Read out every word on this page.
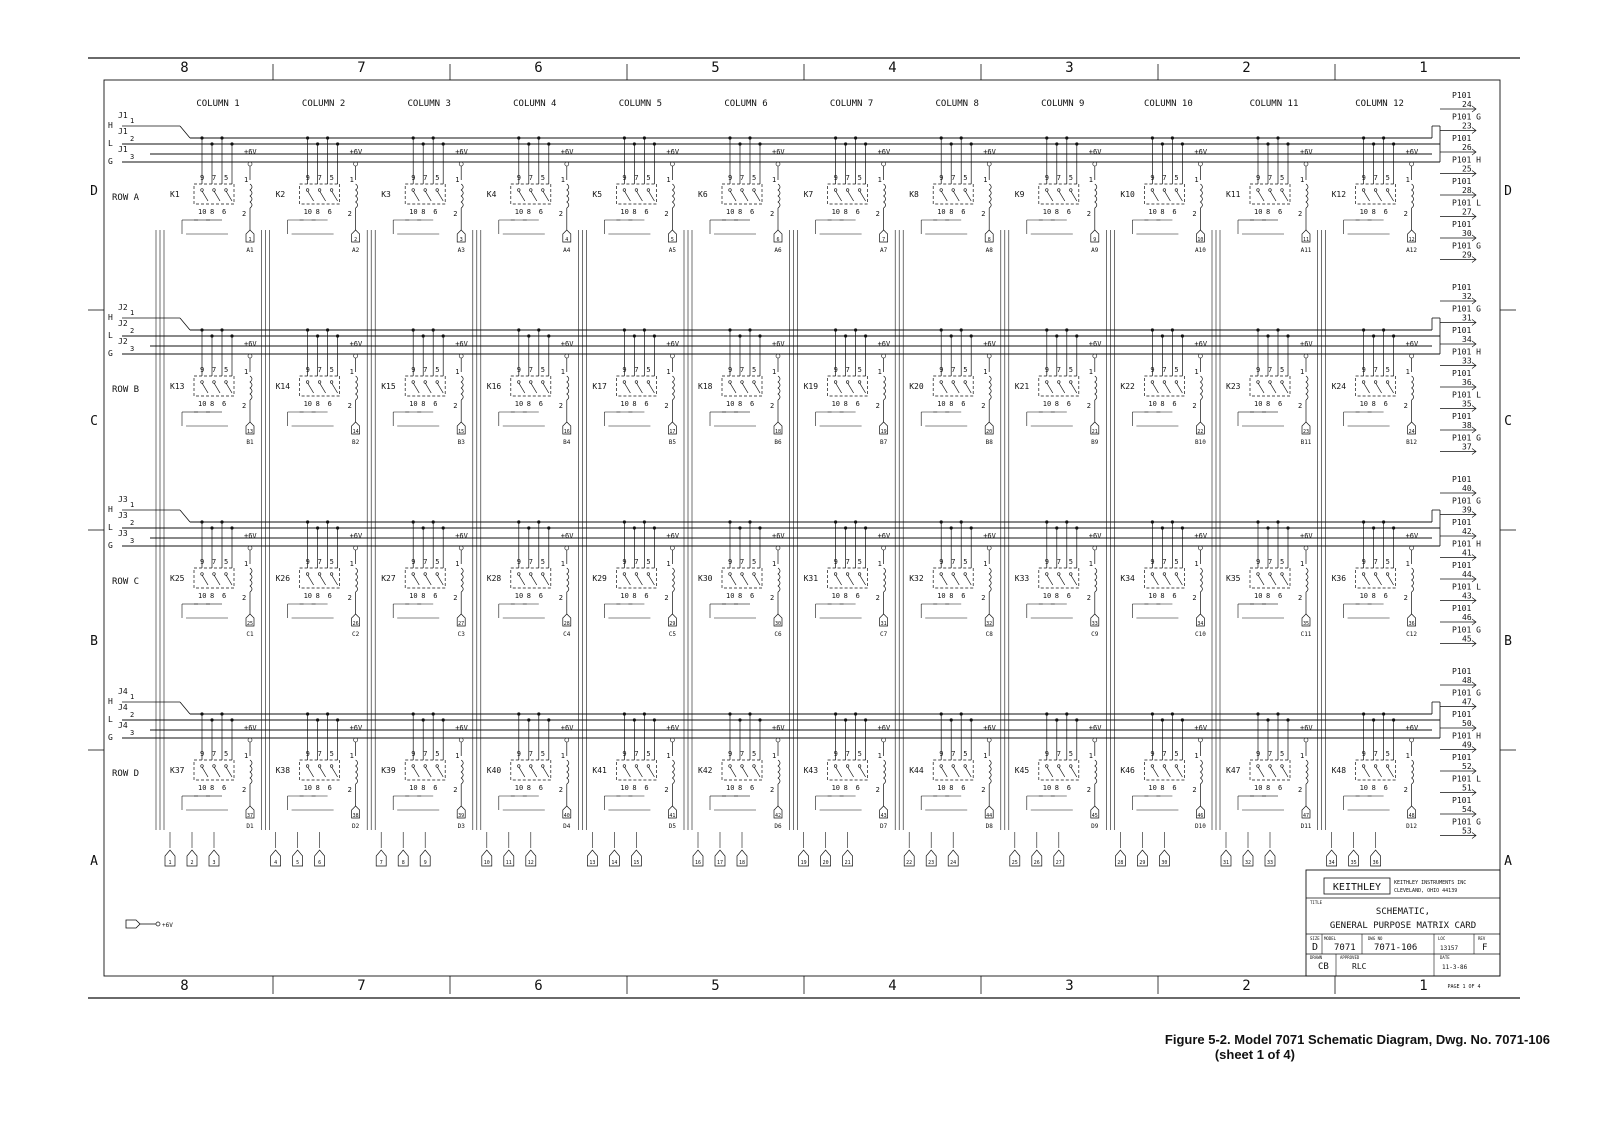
8
8
7
7
6
6
5
5
4
4
3
3
2
2
1
1
D	D
C	C
B	B
A	A
COLUMN 1	COLUMN 2	COLUMN 3	COLUMN 4	COLUMN 5	COLUMN 6	COLUMN 7	COLUMN 8	COLUMN 9	COLUMN 10	COLUMN 11	COLUMN 12
J1
H 1
J1
L 2
J1
G 3
ROW A
J2
H 1
J2
L 2
J2
G 3
ROW B
J3
H 1
J3
L 2
J3
G 3
ROW C
J4
H 1
J4
L 2
J4
G 3
ROW D
9 7 5
10 8 6
K1
+6V
1
2
1
A1
9 7 5
10 8 6
K2
+6V
1
2
2
A2
9 7 5
10 8 6
K3
+6V
1
2
3
A3
9 7 5
10 8 6
K4
+6V
1
2
4
A4
9 7 5
10 8 6
K5
+6V
1
2
5
A5
9 7 5
10 8 6
K6
+6V
1
2
6
A6
9 7 5
10 8 6
K7
+6V
1
2
7
A7
9 7 5
10 8 6
K8
+6V
1
2
8
A8
9 7 5
10 8 6
K9
+6V
1
2
9
A9
9 7 5
10 8 6
K10
+6V
1
2
10
A10
9 7 5
10 8 6
K11
+6V
1
2
11
A11
9 7 5
10 8 6
K12
+6V
1
2
12
A12
9 7 5
10 8 6
K13
+6V
1
2
13
B1
9 7 5
10 8 6
K14
+6V
1
2
14
B2
9 7 5
10 8 6
K15
+6V
1
2
15
B3
9 7 5
10 8 6
K16
+6V
1
2
16
B4
9 7 5
10 8 6
K17
+6V
1
2
17
B5
9 7 5
10 8 6
K18
+6V
1
2
18
B6
9 7 5
10 8 6
K19
+6V
1
2
19
B7
9 7 5
10 8 6
K20
+6V
1
2
20
B8
9 7 5
10 8 6
K21
+6V
1
2
21
B9
9 7 5
10 8 6
K22
+6V
1
2
22
B10
9 7 5
10 8 6
K23
+6V
1
2
23
B11
9 7 5
10 8 6
K24
+6V
1
2
24
B12
9 7 5
10 8 6
K25
+6V
1
2
25
C1
9 7 5
10 8 6
K26
+6V
1
2
26
C2
9 7 5
10 8 6
K27
+6V
1
2
27
C3
9 7 5
10 8 6
K28
+6V
1
2
28
C4
9 7 5
10 8 6
K29
+6V
1
2
29
C5
9 7 5
10 8 6
K30
+6V
1
2
30
C6
9 7 5
10 8 6
K31
+6V
1
2
31
C7
9 7 5
10 8 6
K32
+6V
1
2
32
C8
9 7 5
10 8 6
K33
+6V
1
2
33
C9
9 7 5
10 8 6
K34
+6V
1
2
34
C10
9 7 5
10 8 6
K35
+6V
1
2
35
C11
9 7 5
10 8 6
K36
+6V
1
2
36
C12
9 7 5
10 8 6
K37
+6V
1
2
37
D1
9 7 5
10 8 6
K38
+6V
1
2
38
D2
9 7 5
10 8 6
K39
+6V
1
2
39
D3
9 7 5
10 8 6
K40
+6V
1
2
40
D4
9 7 5
10 8 6
K41
+6V
1
2
41
D5
9 7 5
10 8 6
K42
+6V
1
2
42
D6
9 7 5
10 8 6
K43
+6V
1
2
43
D7
9 7 5
10 8 6
K44
+6V
1
2
44
D8
9 7 5
10 8 6
K45
+6V
1
2
45
D9
9 7 5
10 8 6
K46
+6V
1
2
46
D10
9 7 5
10 8 6
K47
+6V
1
2
47
D11
9 7 5
10 8 6
K48
+6V
1
2
48
D12
P101
24
P101 G
23
P101
26
P101 H
25
P101
28
P101 L
27
P101
30
P101 G
29
P101
32
P101 G
31
P101
34
P101 H
33
P101
36
P101 L
35
P101
38
P101 G
37
P101
40
P101 G
39
P101
42
P101 H
41
P101
44
P101 L
43
P101
46
P101 G
45
P101
48
P101 G
47
P101
50
P101 H
49
P101
52
P101 L
51
P101
54
P101 G
53
1	2	3	4	5	6	7	8	9	10	11	12	13	14	15	16	17	18	19	20	21	22	23	24	25	26	27	28	29	30	31	32	33	34	35	36
+6V
KEITHLEY	KEITHLEY INSTRUMENTS INC
CLEVELAND, OHIO 44139
TITLE
SCHEMATIC,
GENERAL PURPOSE MATRIX CARD
SIZE MODEL	DWG NO	LOC	REV
D 7071 7071-106	13157	F
DRAWN	APPROVED	DATE
CB	RLC	11-3-86
PAGE 1 OF 4
Figure 5-2. Model 7071 Schematic Diagram, Dwg. No. 7071-106
(sheet 1 of 4)
